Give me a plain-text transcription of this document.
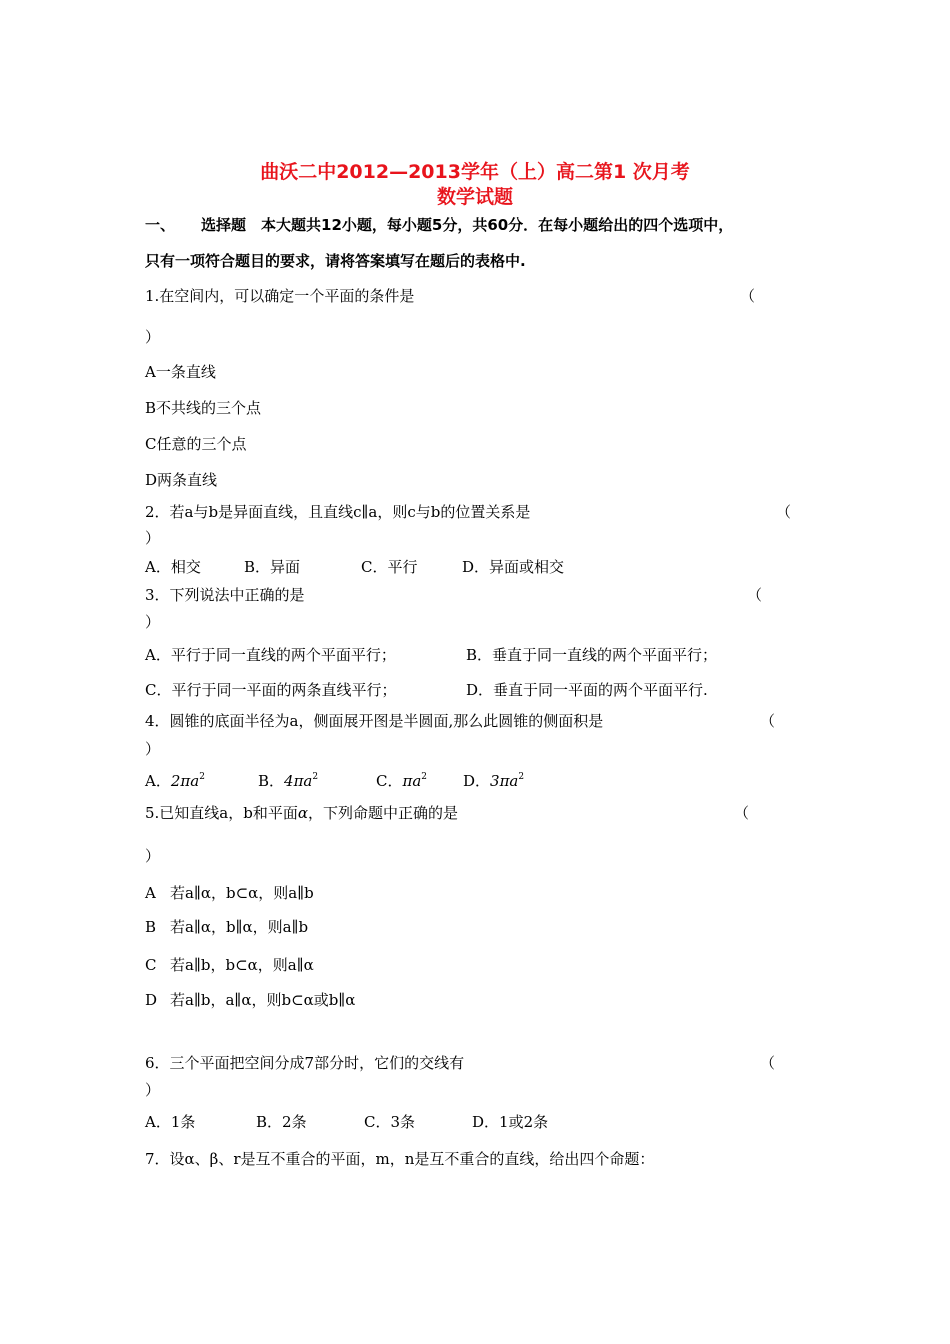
曲沃二中2012—2013学年（上）高二第1 次月考
数学试题
一、 选择题　本大题共12小题，每小题5分，共60分．在每小题给出的四个选项中，
只有一项符合题目的要求，请将答案填写在题后的表格中.
1.在空间内，可以确定一个平面的条件是	（
）
A一条直线
B不共线的三个点
C任意的三个点
D两条直线
2．若a与b是异面直线，且直线c∥a，则c与b的位置关系是	（
）
A．相交	B．异面	C．平行	D．异面或相交
3．下列说法中正确的是	（
）
A．平行于同一直线的两个平面平行；	B．垂直于同一直线的两个平面平行；
C．平行于同一平面的两条直线平行；	D．垂直于同一平面的两个平面平行.
4．圆锥的底面半径为a，侧面展开图是半圆面,那么此圆锥的侧面积是	（
）
A．$2\pi a^2$	B．$4\pi a^2$	C．$\pi a^2$ D．$3\pi a^2$
5.已知直线a，b和平面α，下列命题中正确的是	（
）
A 若a∥α，b⊂α，则a∥b
B 若a∥α，b∥α，则a∥b
C 若a∥b，b⊂α，则a∥α
D 若a∥b，a∥α，则b⊂α或b∥α
6．三个平面把空间分成7部分时，它们的交线有	（
）
A．1条	B．2条	C．3条	D．1或2条
7．设α、β、r是互不重合的平面，m，n是互不重合的直线，给出四个命题：
